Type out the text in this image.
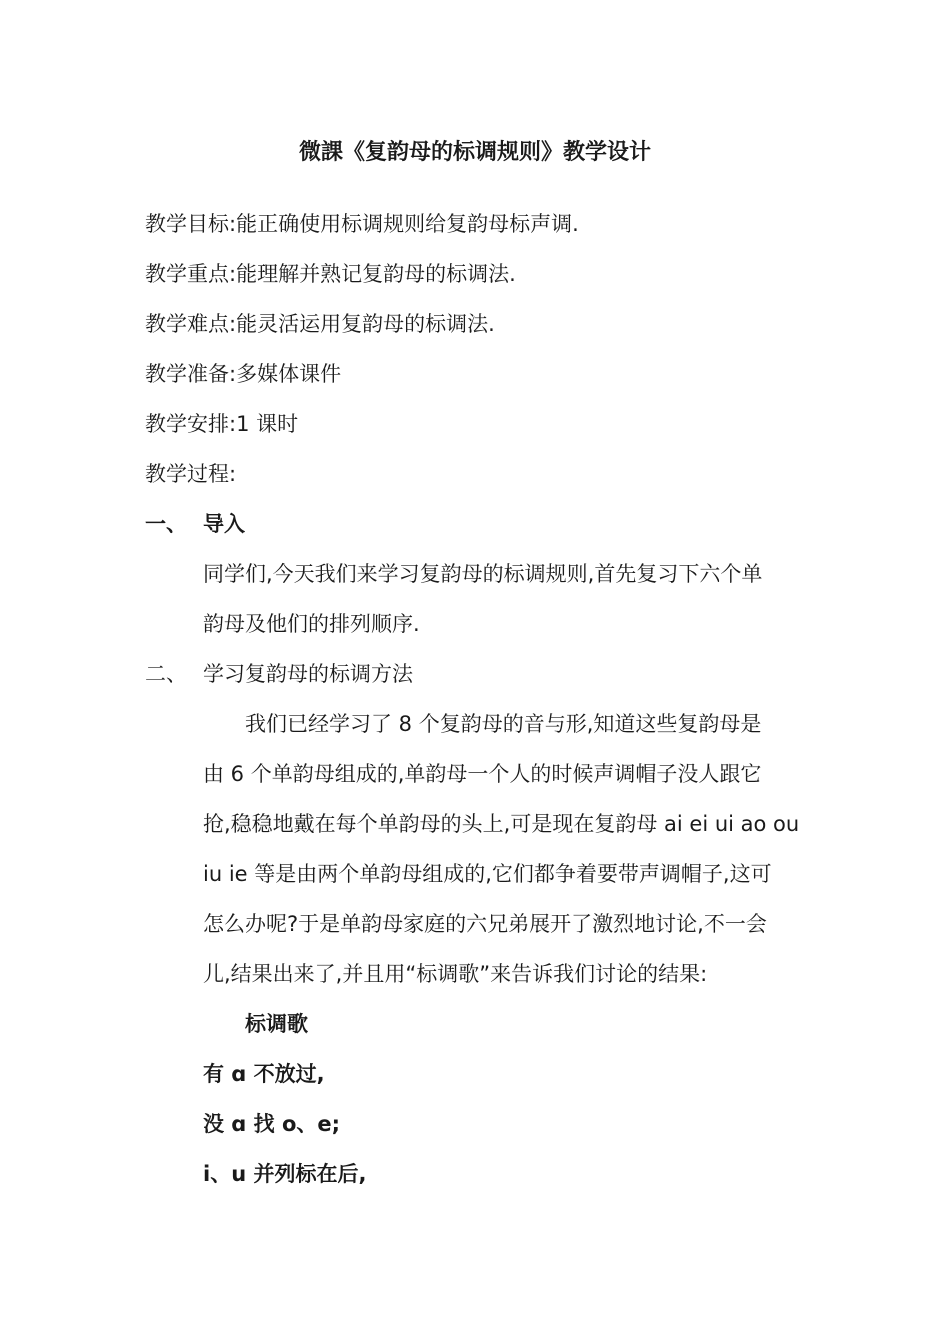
微課《复韵母的标调规则》教学设计
教学目标:能正确使用标调规则给复韵母标声调.
教学重点:能理解并熟记复韵母的标调法.
教学难点:能灵活运用复韵母的标调法.
教学准备:多媒体课件
教学安排:1 课时
教学过程:
一、 导入
同学们,今天我们来学习复韵母的标调规则,首先复习下六个单
韵母及他们的排列顺序.
二、 学习复韵母的标调方法
我们已经学习了 8 个复韵母的音与形,知道这些复韵母是
由 6 个单韵母组成的,单韵母一个人的时候声调帽子没人跟它
抢,稳稳地戴在每个单韵母的头上,可是现在复韵母 ai ei ui ao ou
iu ie 等是由两个单韵母组成的,它们都争着要带声调帽子,这可
怎么办呢?于是单韵母家庭的六兄弟展开了激烈地讨论,不一会
儿,结果出来了,并且用“标调歌”来告诉我们讨论的结果:
标调歌
有 ɑ 不放过,
没 ɑ 找 o、e;
i、u 并列标在后,
